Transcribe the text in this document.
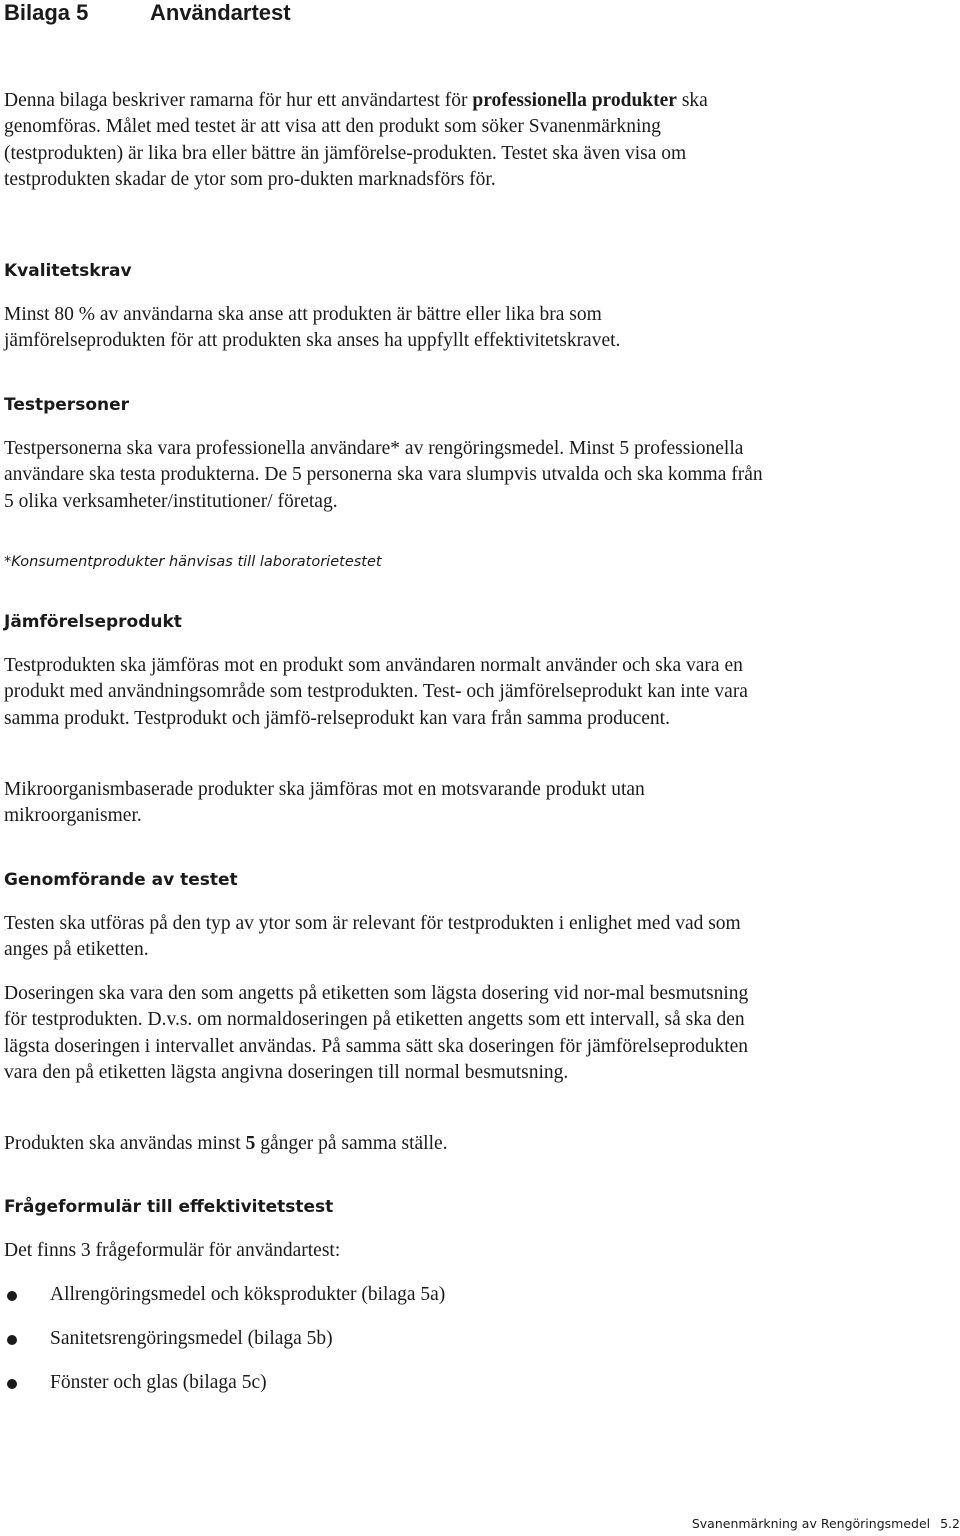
Bilaga 5	Användartest

Denna bilaga beskriver ramarna för hur ett användartest för professionella produkter ska genomföras. Målet med testet är att visa att den produkt som söker Svanenmärkning (testprodukten) är lika bra eller bättre än jämförelse-produkten. Testet ska även visa om testprodukten skadar de ytor som pro-dukten marknadsförs för.

Kvalitetskrav

Minst 80 % av användarna ska anse att produkten är bättre eller lika bra som jämförelseprodukten för att produkten ska anses ha uppfyllt effektivitetskravet.

Testpersoner

Testpersonerna ska vara professionella användare* av rengöringsmedel. Minst 5 professionella användare ska testa produkterna. De 5 personerna ska vara slumpvis utvalda och ska komma från 5 olika verksamheter/institutioner/ företag.

*Konsumentprodukter hänvisas till laboratorietestet

Jämförelseprodukt

Testprodukten ska jämföras mot en produkt som användaren normalt använder och ska vara en produkt med användningsområde som testprodukten. Test- och jämförelseprodukt kan inte vara samma produkt. Testprodukt och jämfö-relseprodukt kan vara från samma producent.

Mikroorganismbaserade produkter ska jämföras mot en motsvarande produkt utan mikroorganismer.

Genomförande av testet

Testen ska utföras på den typ av ytor som är relevant för testprodukten i enlighet med vad som anges på etiketten.

Doseringen ska vara den som angetts på etiketten som lägsta dosering vid nor-mal besmutsning för testprodukten. D.v.s. om normaldoseringen på etiketten angetts som ett intervall, så ska den lägsta doseringen i intervallet användas. På samma sätt ska doseringen för jämförelseprodukten vara den på etiketten lägsta angivna doseringen till normal besmutsning.

Produkten ska användas minst 5 gånger på samma ställe.

Frågeformulär till effektivitetstest

Det finns 3 frågeformulär för användartest:

Allrengöringsmedel och köksprodukter (bilaga 5a)
Sanitetsrengöringsmedel (bilaga 5b)
Fönster och glas (bilaga 5c)
Svanenmärkning av Rengöringsmedel 5.2
